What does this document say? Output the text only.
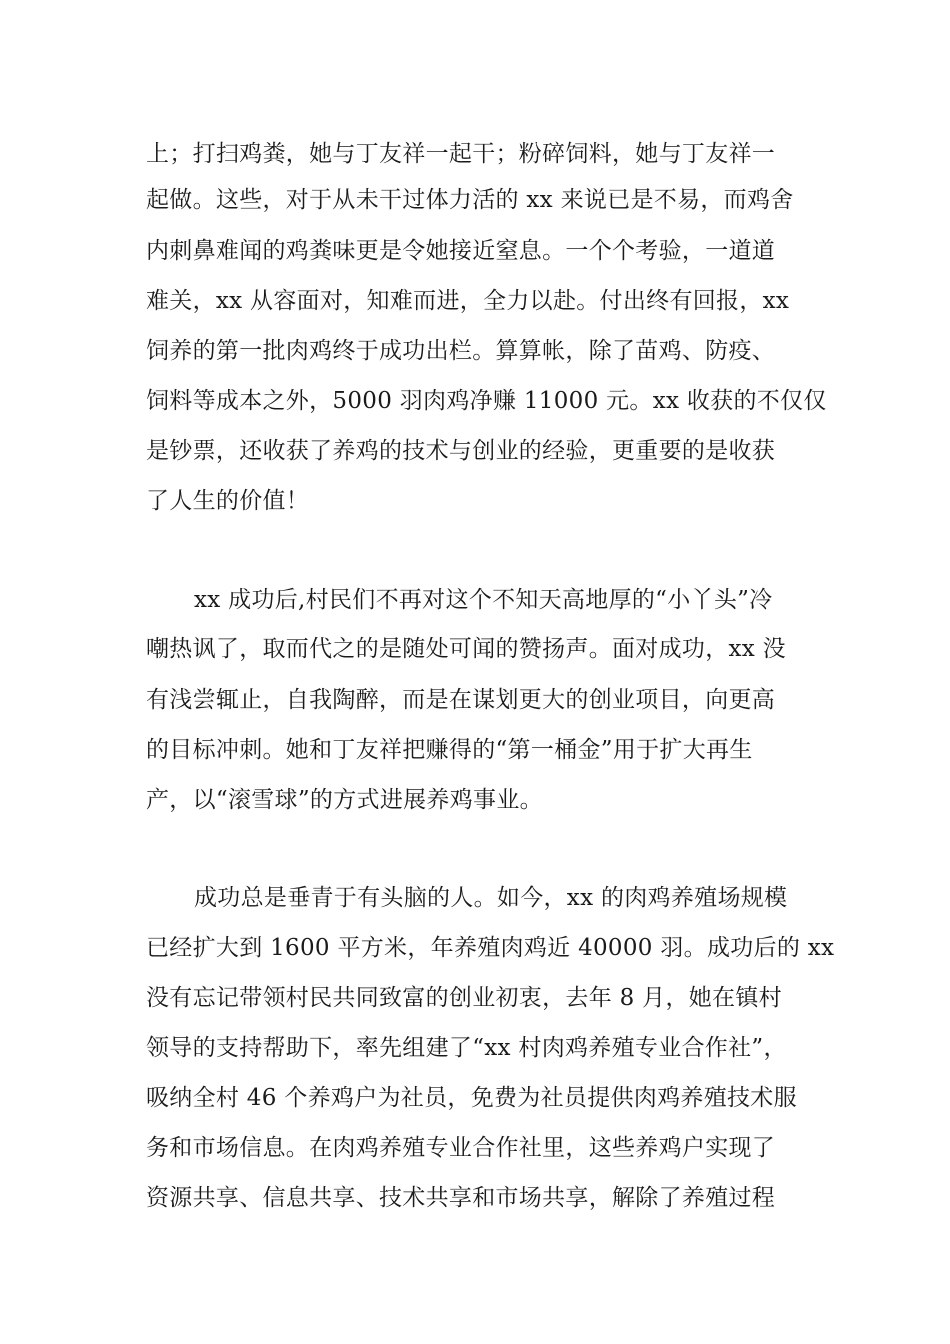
上；打扫鸡粪，她与丁友祥一起干；粉碎饲料，她与丁友祥一
起做。这些，对于从未干过体力活的 xx 来说已是不易，而鸡舍
内刺鼻难闻的鸡粪味更是令她接近窒息。一个个考验，一道道
难关，xx 从容面对，知难而进，全力以赴。付出终有回报，xx
饲养的第一批肉鸡终于成功出栏。算算帐，除了苗鸡、防疫、
饲料等成本之外，5000 羽肉鸡净赚 11000 元。xx 收获的不仅仅
是钞票，还收获了养鸡的技术与创业的经验，更重要的是收获
了人生的价值！
xx 成功后,村民们不再对这个不知天高地厚的“小丫头”冷
嘲热讽了，取而代之的是随处可闻的赞扬声。面对成功，xx 没
有浅尝辄止，自我陶醉，而是在谋划更大的创业项目，向更高
的目标冲刺。她和丁友祥把赚得的“第一桶金”用于扩大再生
产，以“滚雪球”的方式进展养鸡事业。
成功总是垂青于有头脑的人。如今，xx 的肉鸡养殖场规模
已经扩大到 1600 平方米，年养殖肉鸡近 40000 羽。成功后的 xx
没有忘记带领村民共同致富的创业初衷，去年 8 月，她在镇村
领导的支持帮助下，率先组建了“xx 村肉鸡养殖专业合作社”，
吸纳全村 46 个养鸡户为社员，免费为社员提供肉鸡养殖技术服
务和市场信息。在肉鸡养殖专业合作社里，这些养鸡户实现了
资源共享、信息共享、技术共享和市场共享，解除了养殖过程
